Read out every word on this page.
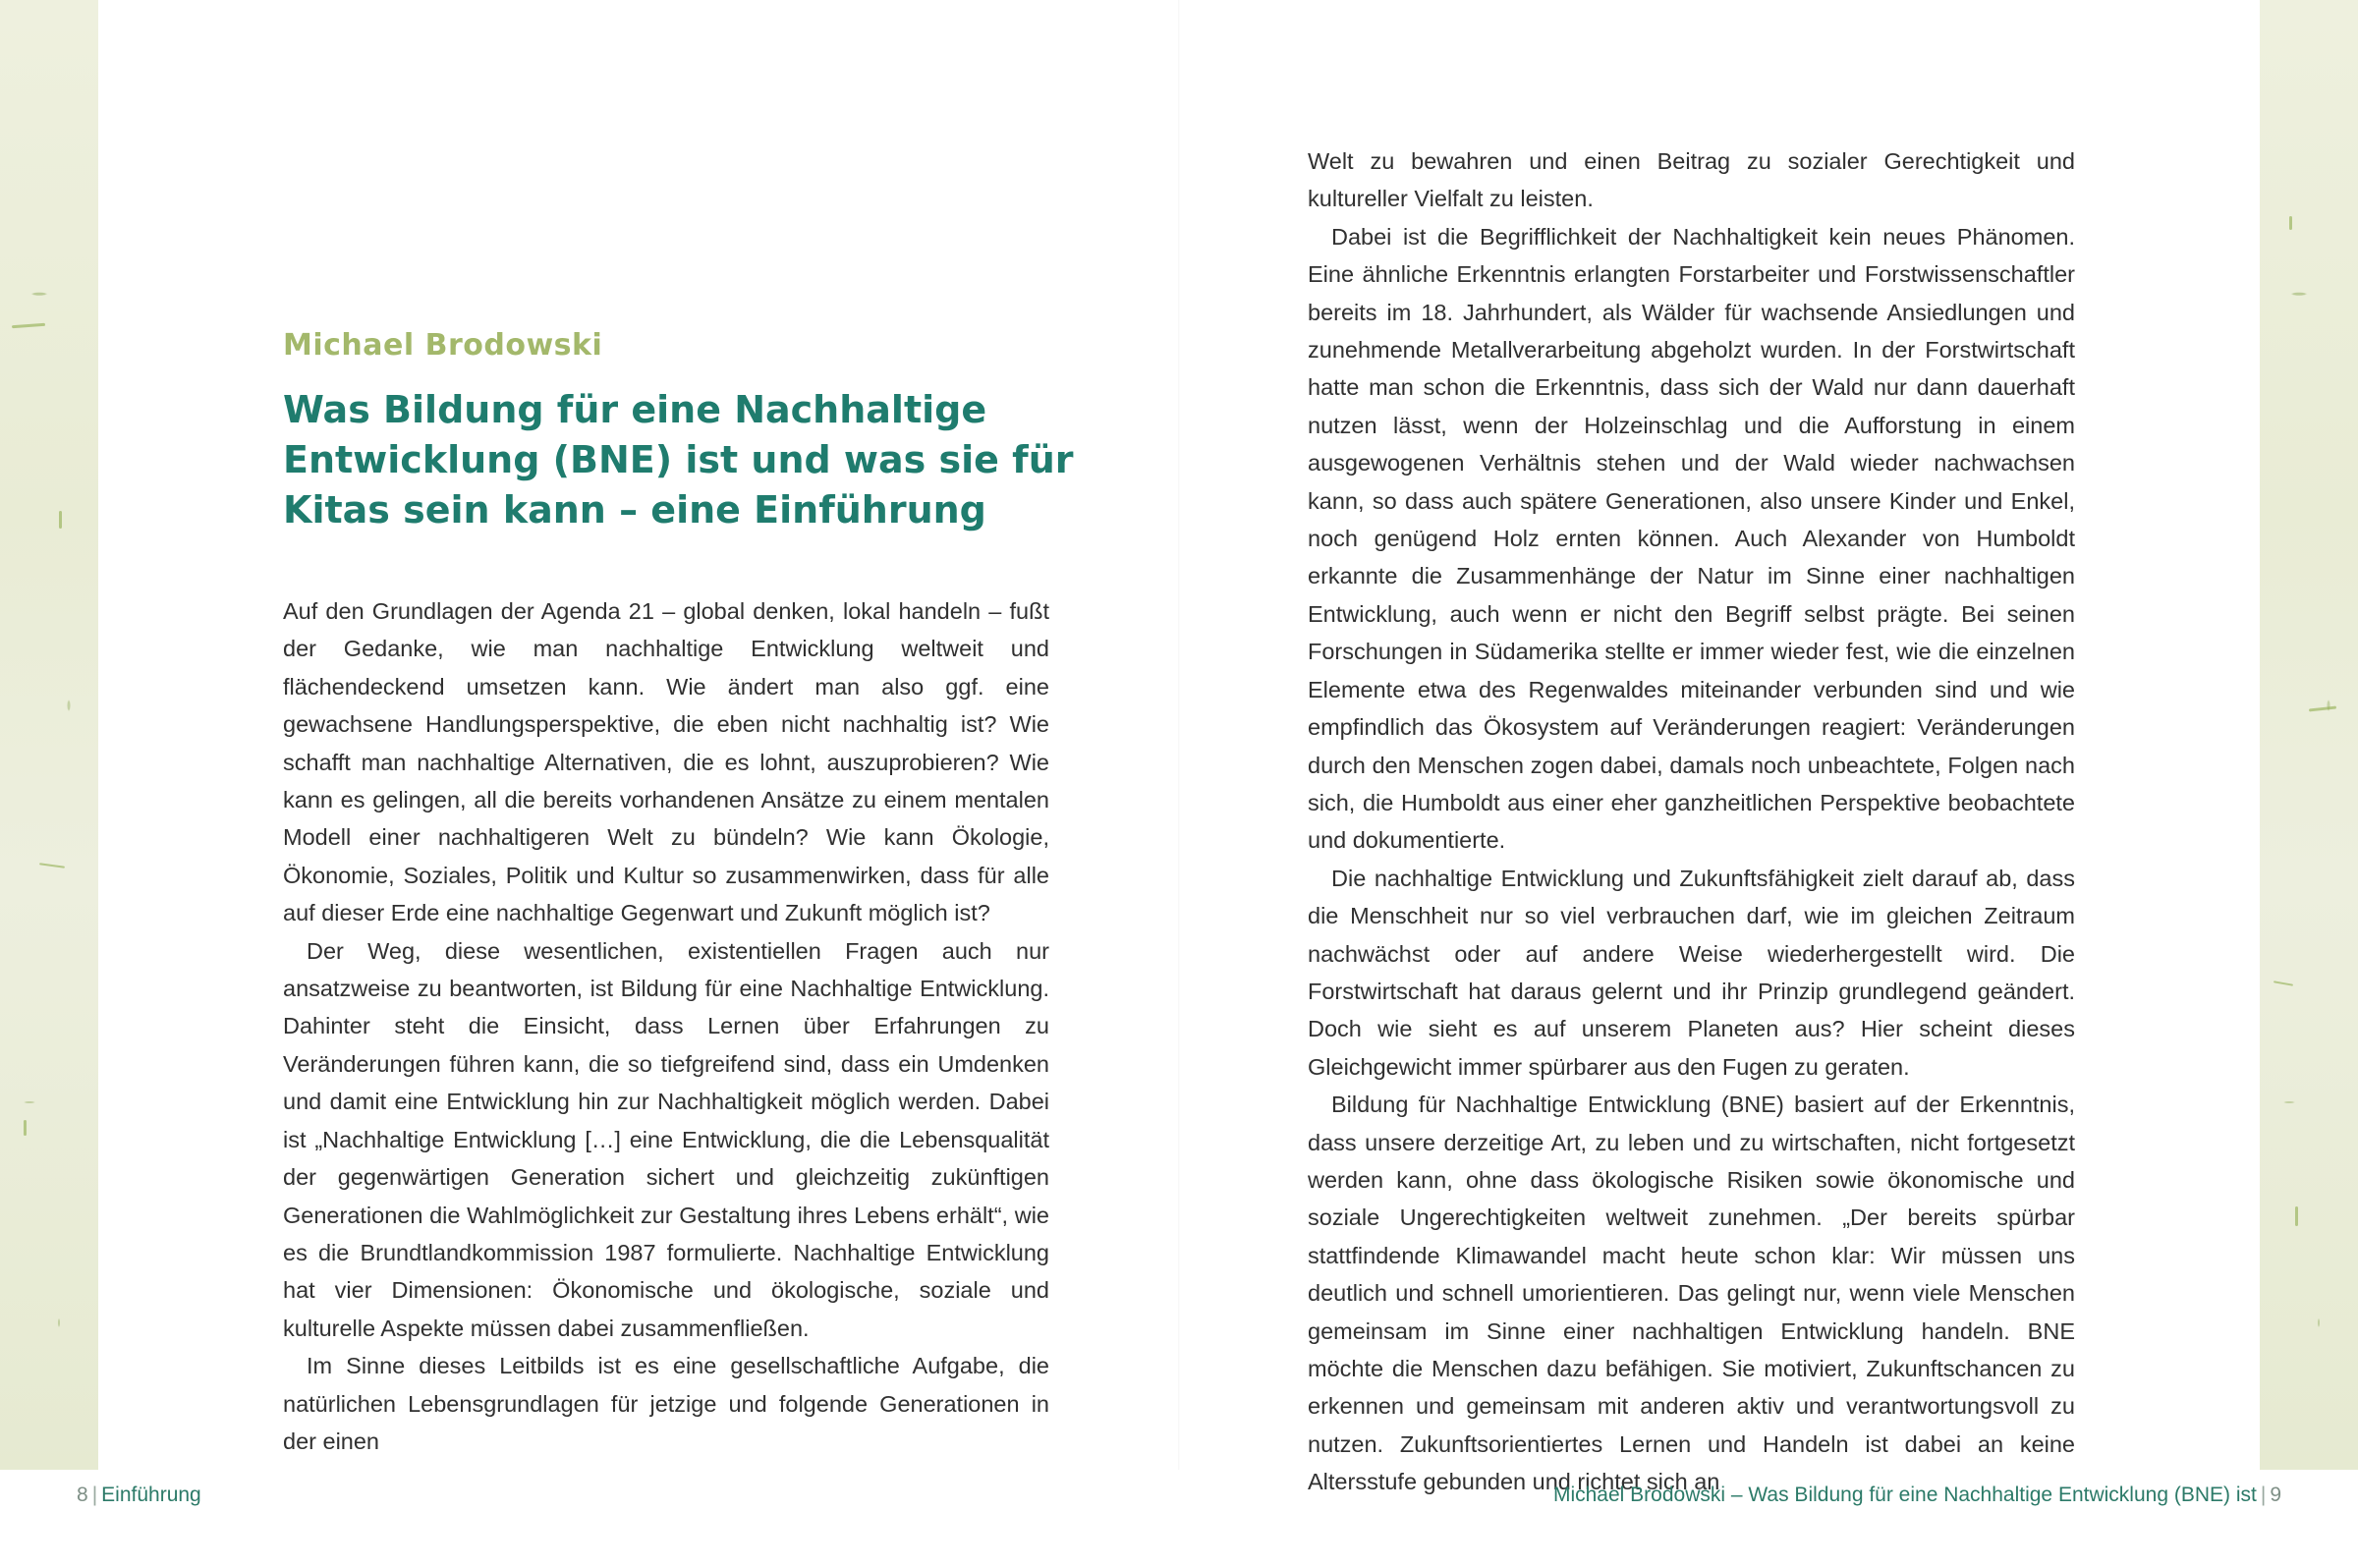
Michael Brodowski
Was Bildung für eine Nachhaltige Entwicklung (BNE) ist und was sie für Kitas sein kann – eine Einführung

Auf den Grundlagen der Agenda 21 – global denken, lokal handeln – fußt der Gedanke, wie man nachhaltige Entwicklung weltweit und flächendeckend umsetzen kann. Wie ändert man also ggf. eine gewachsene Handlungsperspektive, die eben nicht nachhaltig ist? Wie schafft man nachhaltige Alternativen, die es lohnt, auszuprobieren? Wie kann es gelingen, all die bereits vorhandenen Ansätze zu einem mentalen Modell einer nachhaltigeren Welt zu bündeln? Wie kann Ökologie, Ökonomie, Soziales, Politik und Kultur so zusammenwirken, dass für alle auf dieser Erde eine nachhaltige Gegenwart und Zukunft möglich ist?

Der Weg, diese wesentlichen, existentiellen Fragen auch nur ansatzweise zu beantworten, ist Bildung für eine Nachhaltige Entwicklung. Dahinter steht die Einsicht, dass Lernen über Erfahrungen zu Veränderungen führen kann, die so tiefgreifend sind, dass ein Umdenken und damit eine Entwicklung hin zur Nachhaltigkeit möglich werden. Dabei ist „Nachhaltige Entwicklung […] eine Entwicklung, die die Lebensqualität der gegenwärtigen Generation sichert und gleichzeitig zukünftigen Generationen die Wahlmöglichkeit zur Gestaltung ihres Lebens erhält“, wie es die Brundtlandkommission 1987 formulierte. Nachhaltige Entwicklung hat vier Dimensionen: Ökonomische und ökologische, soziale und kulturelle Aspekte müssen dabei zusammenfließen.

Im Sinne dieses Leitbilds ist es eine gesellschaftliche Aufgabe, die natürlichen Lebensgrundlagen für jetzige und folgende Generationen in der einen

8 | Einführung

Welt zu bewahren und einen Beitrag zu sozialer Gerechtigkeit und kultureller Vielfalt zu leisten.

Dabei ist die Begrifflichkeit der Nachhaltigkeit kein neues Phänomen. Eine ähnliche Erkenntnis erlangten Forstarbeiter und Forstwissenschaftler bereits im 18. Jahrhundert, als Wälder für wachsende Ansiedlungen und zunehmende Metallverarbeitung abgeholzt wurden. In der Forstwirtschaft hatte man schon die Erkenntnis, dass sich der Wald nur dann dauerhaft nutzen lässt, wenn der Holzeinschlag und die Aufforstung in einem ausgewogenen Verhältnis stehen und der Wald wieder nachwachsen kann, so dass auch spätere Generationen, also unsere Kinder und Enkel, noch genügend Holz ernten können. Auch Alexander von Humboldt erkannte die Zusammenhänge der Natur im Sinne einer nachhaltigen Entwicklung, auch wenn er nicht den Begriff selbst prägte. Bei seinen Forschungen in Südamerika stellte er immer wieder fest, wie die einzelnen Elemente etwa des Regenwaldes miteinander verbunden sind und wie empfindlich das Ökosystem auf Veränderungen reagiert: Veränderungen durch den Menschen zogen dabei, damals noch unbeachtete, Folgen nach sich, die Humboldt aus einer eher ganzheitlichen Perspektive beobachtete und dokumentierte.

Die nachhaltige Entwicklung und Zukunftsfähigkeit zielt darauf ab, dass die Menschheit nur so viel verbrauchen darf, wie im gleichen Zeitraum nachwächst oder auf andere Weise wiederhergestellt wird. Die Forstwirtschaft hat daraus gelernt und ihr Prinzip grundlegend geändert. Doch wie sieht es auf unserem Planeten aus? Hier scheint dieses Gleichgewicht immer spürbarer aus den Fugen zu geraten.

Bildung für Nachhaltige Entwicklung (BNE) basiert auf der Erkenntnis, dass unsere derzeitige Art, zu leben und zu wirtschaften, nicht fortgesetzt werden kann, ohne dass ökologische Risiken sowie ökonomische und soziale Ungerechtigkeiten weltweit zunehmen. „Der bereits spürbar stattfindende Klimawandel macht heute schon klar: Wir müssen uns deutlich und schnell umorientieren. Das gelingt nur, wenn viele Menschen gemeinsam im Sinne einer nachhaltigen Entwicklung handeln. BNE möchte die Menschen dazu befähigen. Sie motiviert, Zukunftschancen zu erkennen und gemeinsam mit anderen aktiv und verantwortungsvoll zu nutzen. Zukunftsorientiertes Lernen und Handeln ist dabei an keine Altersstufe gebunden und richtet sich an

Michael Brodowski – Was Bildung für eine Nachhaltige Entwicklung (BNE) ist | 9
